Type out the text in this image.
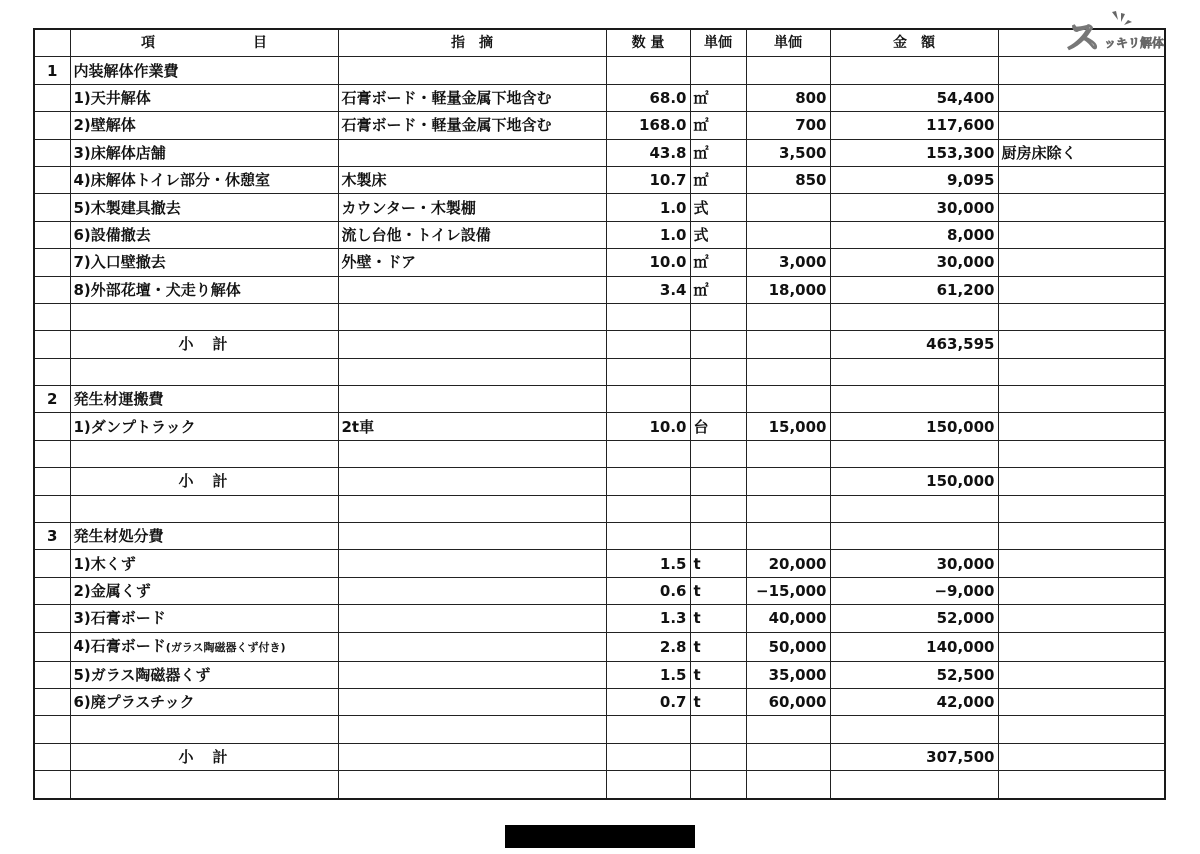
	項　　　　　　　目	指　摘	数 量	単価	単価	金　額	
1	内装解体作業費						
	1)天井解体	石膏ボード・軽量金属下地含む	68.0	㎡	800	54,400	
	2)壁解体	石膏ボード・軽量金属下地含む	168.0	㎡	700	117,600	
	3)床解体店舗		43.8	㎡	3,500	153,300	厨房床除く
	4)床解体トイレ部分・休憩室	木製床	10.7	㎡	850	9,095	
	5)木製建具撤去	カウンター・木製棚	1.0	式		30,000	
	6)設備撤去	流し台他・トイレ設備	1.0	式		8,000	
	7)入口壁撤去	外壁・ドア	10.0	㎡	3,000	30,000	
	8)外部花壇・犬走り解体		3.4	㎡	18,000	61,200	

	小　計					463,595	

2	発生材運搬費						
	1)ダンプトラック	2t車	10.0	台	15,000	150,000	

	小　計					150,000	

3	発生材処分費						
	1)木くず		1.5	t	20,000	30,000	
	2)金属くず		0.6	t	−15,000	−9,000	
	3)石膏ボード		1.3	t	40,000	52,000	
	4)石膏ボード(ガラス陶磁器くず付き)		2.8	t	50,000	140,000	
	5)ガラス陶磁器くず		1.5	t	35,000	52,500	
	6)廃プラスチック		0.7	t	60,000	42,000	

	小　計					307,500	

ス ッキリ解体
